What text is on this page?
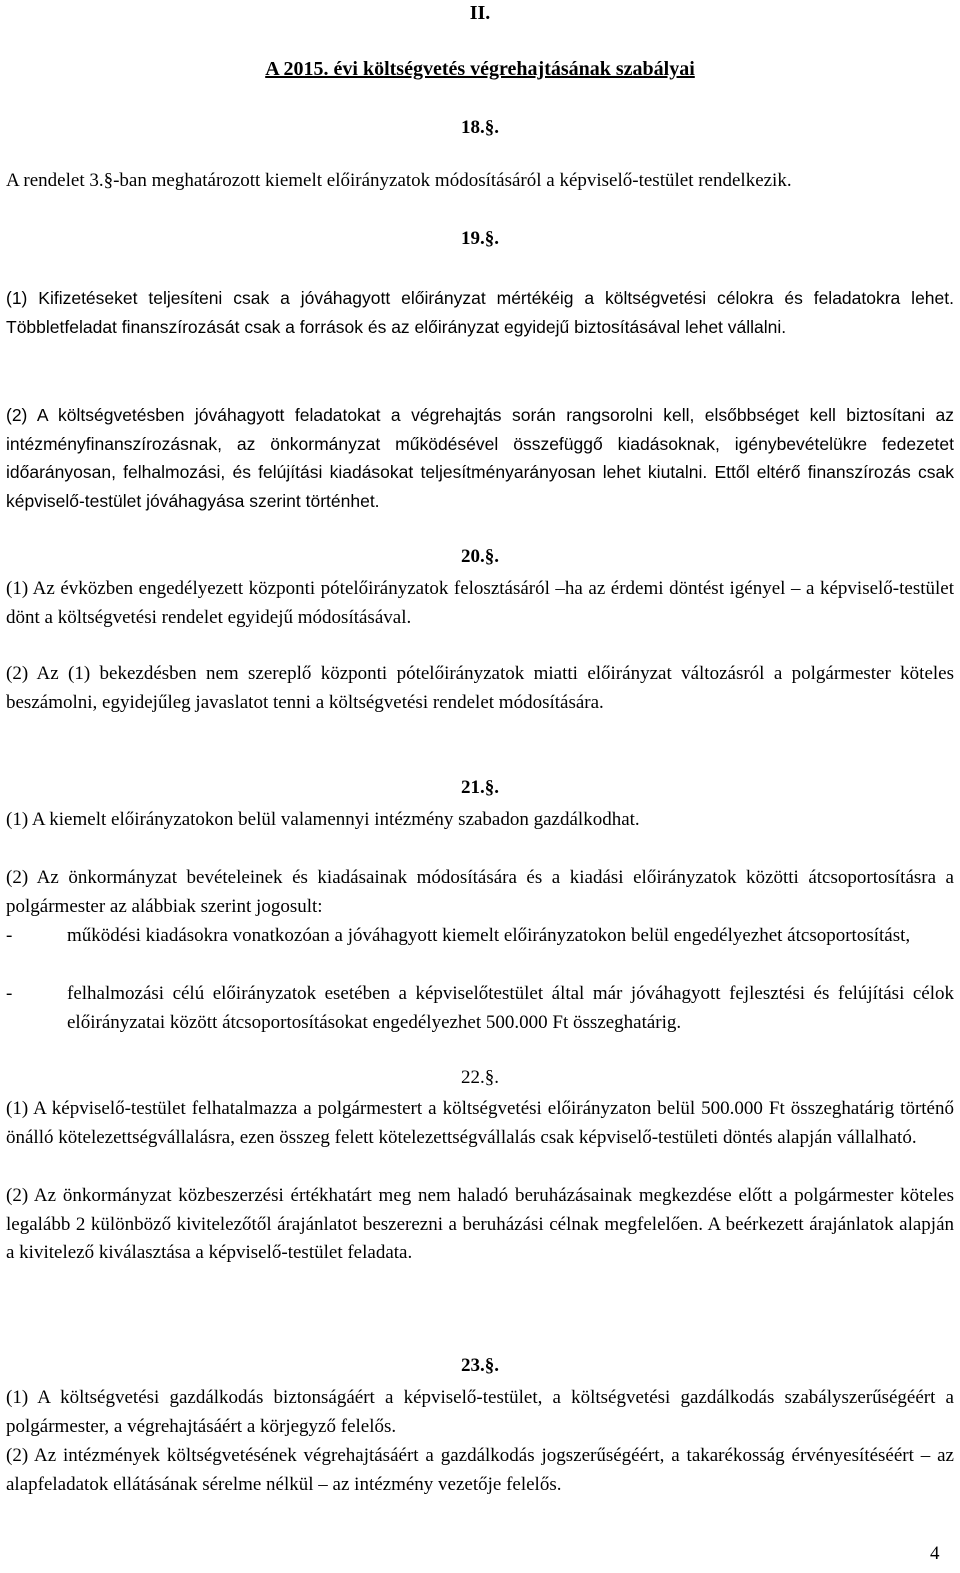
II.
A 2015. évi költségvetés végrehajtásának szabályai
18.§.
A rendelet 3.§-ban meghatározott kiemelt előirányzatok módosításáról a képviselő-testület rendelkezik.
19.§.
(1) Kifizetéseket teljesíteni csak a jóváhagyott előirányzat mértékéig a költségvetési célokra és feladatokra lehet. Többletfeladat finanszírozását csak a források és az előirányzat egyidejű biztosításával lehet vállalni.
(2) A költségvetésben jóváhagyott feladatokat a végrehajtás során rangsorolni kell, elsőbbséget kell biztosítani az intézményfinanszírozásnak, az önkormányzat működésével összefüggő kiadásoknak, igénybevételükre fedezetet időarányosan, felhalmozási, és felújítási kiadásokat teljesítményarányosan lehet kiutalni. Ettől eltérő finanszírozás csak képviselő-testület jóváhagyása szerint történhet.
20.§.
(1) Az évközben engedélyezett központi pótelőirányzatok felosztásáról –ha az érdemi döntést igényel – a képviselő-testület dönt a költségvetési rendelet egyidejű módosításával.
(2) Az (1) bekezdésben nem szereplő központi pótelőirányzatok miatti előirányzat változásról a polgármester köteles beszámolni, egyidejűleg javaslatot tenni a költségvetési rendelet módosítására.
21.§.
(1) A kiemelt előirányzatokon belül valamennyi intézmény szabadon gazdálkodhat.
(2) Az önkormányzat bevételeinek és kiadásainak módosítására és a kiadási előirányzatok közötti átcsoportosításra a polgármester az alábbiak szerint jogosult:
-	működési kiadásokra vonatkozóan a jóváhagyott kiemelt előirányzatokon belül engedélyezhet átcsoportosítást,
-	felhalmozási célú előirányzatok esetében a képviselőtestület által már jóváhagyott fejlesztési és felújítási célok előirányzatai között átcsoportosításokat engedélyezhet 500.000 Ft összeghatárig.
22.§.
(1) A képviselő-testület felhatalmazza a polgármestert a költségvetési előirányzaton belül 500.000 Ft összeghatárig történő önálló kötelezettségvállalásra, ezen összeg felett kötelezettségvállalás csak képviselő-testületi döntés alapján vállalható.
(2) Az önkormányzat közbeszerzési értékhatárt meg nem haladó beruházásainak megkezdése előtt a polgármester köteles legalább 2 különböző kivitelezőtől árajánlatot beszerezni a beruházási célnak megfelelően. A beérkezett árajánlatok alapján a kivitelező kiválasztása a képviselő-testület feladata.
23.§.
(1) A költségvetési gazdálkodás biztonságáért a képviselő-testület, a költségvetési gazdálkodás szabályszerűségéért a polgármester, a végrehajtásáért a körjegyző felelős.
(2) Az intézmények költségvetésének végrehajtásáért a gazdálkodás jogszerűségéért, a takarékosság érvényesítéséért – az alapfeladatok ellátásának sérelme nélkül – az intézmény vezetője felelős.
4
